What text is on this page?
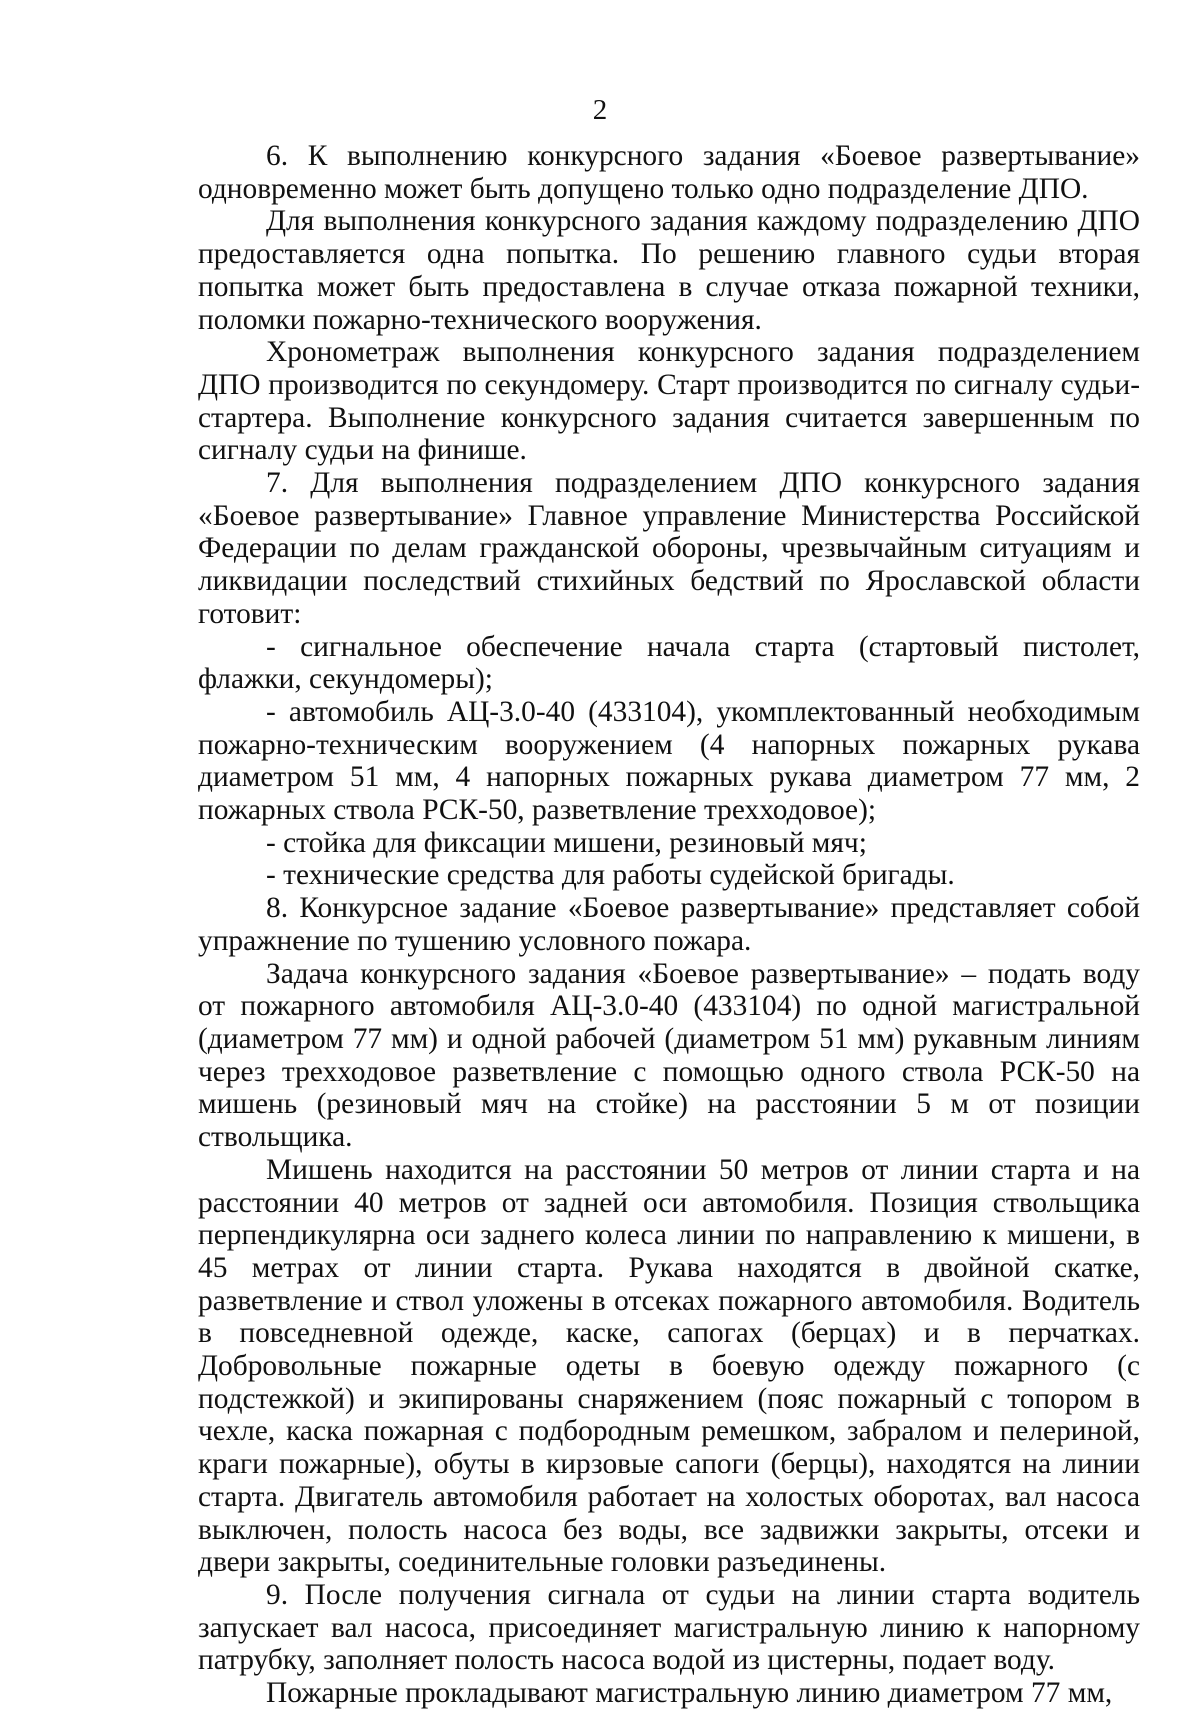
2

6. К выполнению конкурсного задания «Боевое развертывание» одновременно может быть допущено только одно подразделение ДПО.

Для выполнения конкурсного задания каждому подразделению ДПО предоставляется одна попытка. По решению главного судьи вторая попытка может быть предоставлена в случае отказа пожарной техники, поломки пожарно-технического вооружения.

Хронометраж выполнения конкурсного задания подразделением ДПО производится по секундомеру. Старт производится по сигналу судьи-стартера. Выполнение конкурсного задания считается завершенным по сигналу судьи на финише.

7. Для выполнения подразделением ДПО конкурсного задания «Боевое развертывание» Главное управление Министерства Российской Федерации по делам гражданской обороны, чрезвычайным ситуациям и ликвидации последствий стихийных бедствий по Ярославской области готовит:

- сигнальное обеспечение начала старта (стартовый пистолет, флажки, секундомеры);

- автомобиль АЦ-3.0-40 (433104), укомплектованный необходимым пожарно-техническим вооружением (4 напорных пожарных рукава диаметром 51 мм, 4 напорных пожарных рукава диаметром 77 мм, 2 пожарных ствола РСК-50, разветвление трехходовое);

- стойка для фиксации мишени, резиновый мяч;

- технические средства для работы судейской бригады.

8. Конкурсное задание «Боевое развертывание» представляет собой упражнение по тушению условного пожара.

Задача конкурсного задания «Боевое развертывание» – подать воду от пожарного автомобиля АЦ-3.0-40 (433104) по одной магистральной (диаметром 77 мм) и одной рабочей (диаметром 51 мм) рукавным линиям через трехходовое разветвление с помощью одного ствола РСК-50 на мишень (резиновый мяч на стойке) на расстоянии 5 м от позиции ствольщика.

Мишень находится на расстоянии 50 метров от линии старта и на расстоянии 40 метров от задней оси автомобиля. Позиция ствольщика перпендикулярна оси заднего колеса линии по направлению к мишени, в 45 метрах от линии старта. Рукава находятся в двойной скатке, разветвление и ствол уложены в отсеках пожарного автомобиля. Водитель в повседневной одежде, каске, сапогах (берцах) и в перчатках. Добровольные пожарные одеты в боевую одежду пожарного (с подстежкой) и экипированы снаряжением (пояс пожарный с топором в чехле, каска пожарная с подбородным ремешком, забралом и пелериной, краги пожарные), обуты в кирзовые сапоги (берцы), находятся на линии старта. Двигатель автомобиля работает на холостых оборотах, вал насоса выключен, полость насоса без воды, все задвижки закрыты, отсеки и двери закрыты, соединительные головки разъединены.

9. После получения сигнала от судьи на линии старта водитель запускает вал насоса, присоединяет магистральную линию к напорному патрубку, заполняет полость насоса водой из цистерны, подает воду.

Пожарные прокладывают магистральную линию диаметром 77 мм,
